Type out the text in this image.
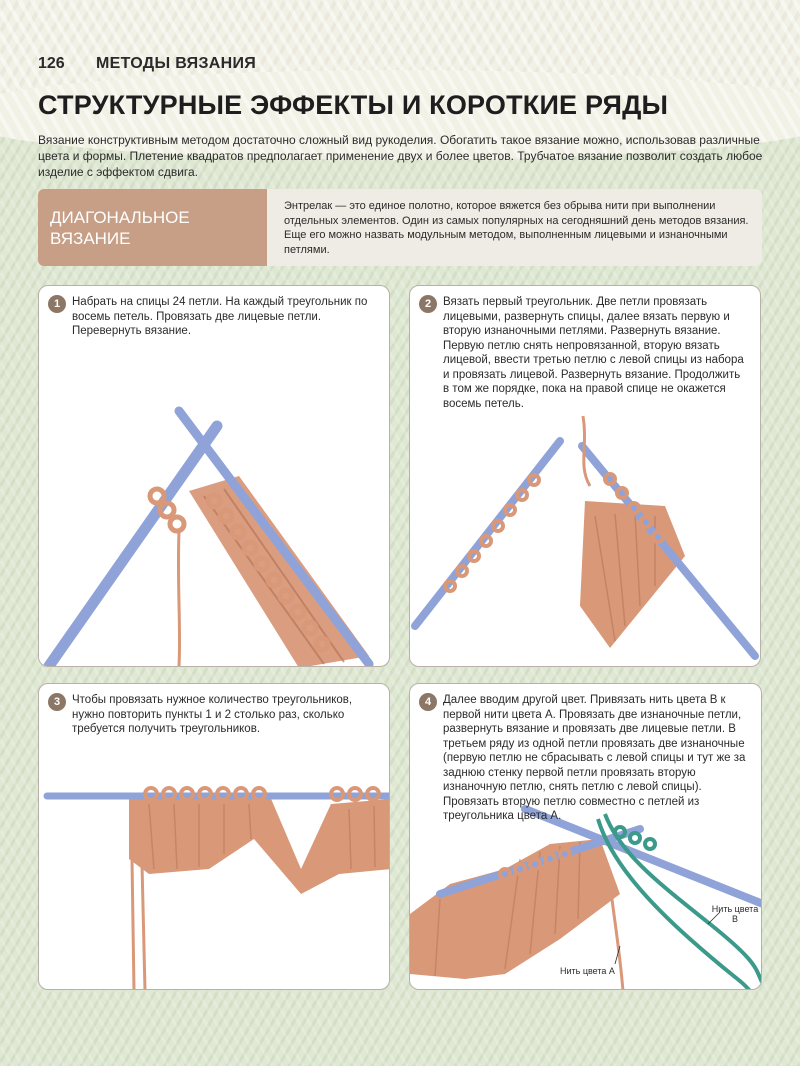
126 МЕТОДЫ ВЯЗАНИЯ
СТРУКТУРНЫЕ ЭФФЕКТЫ И КОРОТКИЕ РЯДЫ

Вязание конструктивным методом достаточно сложный вид рукоделия. Обогатить такое вязание можно, использовав различные цвета и формы. Плетение квадратов предполагает применение двух и более цветов. Трубчатое вязание позволит создать любое изделие с эффектом сдвига.

ДИАГОНАЛЬНОЕ ВЯЗАНИЕ

Энтрелак — это единое полотно, которое вяжется без обрыва нити при выполнении отдельных элементов. Один из самых популярных на сегодняшний день методов вязания. Еще его можно назвать модульным методом, выполненным лицевыми и изнаночными петлями.

1	Набрать на спицы 24 петли. На каждый треугольник по восемь петель. Провязать две лицевые петли. Перевернуть вязание.

2	Вязать первый треугольник. Две петли провязать лицевыми, развернуть спицы, далее вязать первую и вторую изнаночными петлями. Развернуть вязание. Первую петлю снять непровязанной, вторую вязать лицевой, ввести третью петлю с левой спицы из набора и провязать лицевой. Развернуть вязание. Продолжить в том же порядке, пока на правой спице не окажется восемь петель.

3	Чтобы провязать нужное количество треугольников, нужно повторить пункты 1 и 2 столько раз, сколько требуется получить треугольников.

4	Далее вводим другой цвет. Привязать нить цвета В к первой нити цвета А. Провязать две изнаночные петли, развернуть вязание и провязать две лицевые петли. В третьем ряду из одной петли провязать две изнаночные (первую петлю не сбрасывать с левой спицы и тут же за заднюю стенку первой петли провязать вторую изнаночную петлю, снять петлю с левой спицы). Провязать вторую петлю совместно с петлей из треугольника цвета А.

Нить цвета В
Нить цвета А
